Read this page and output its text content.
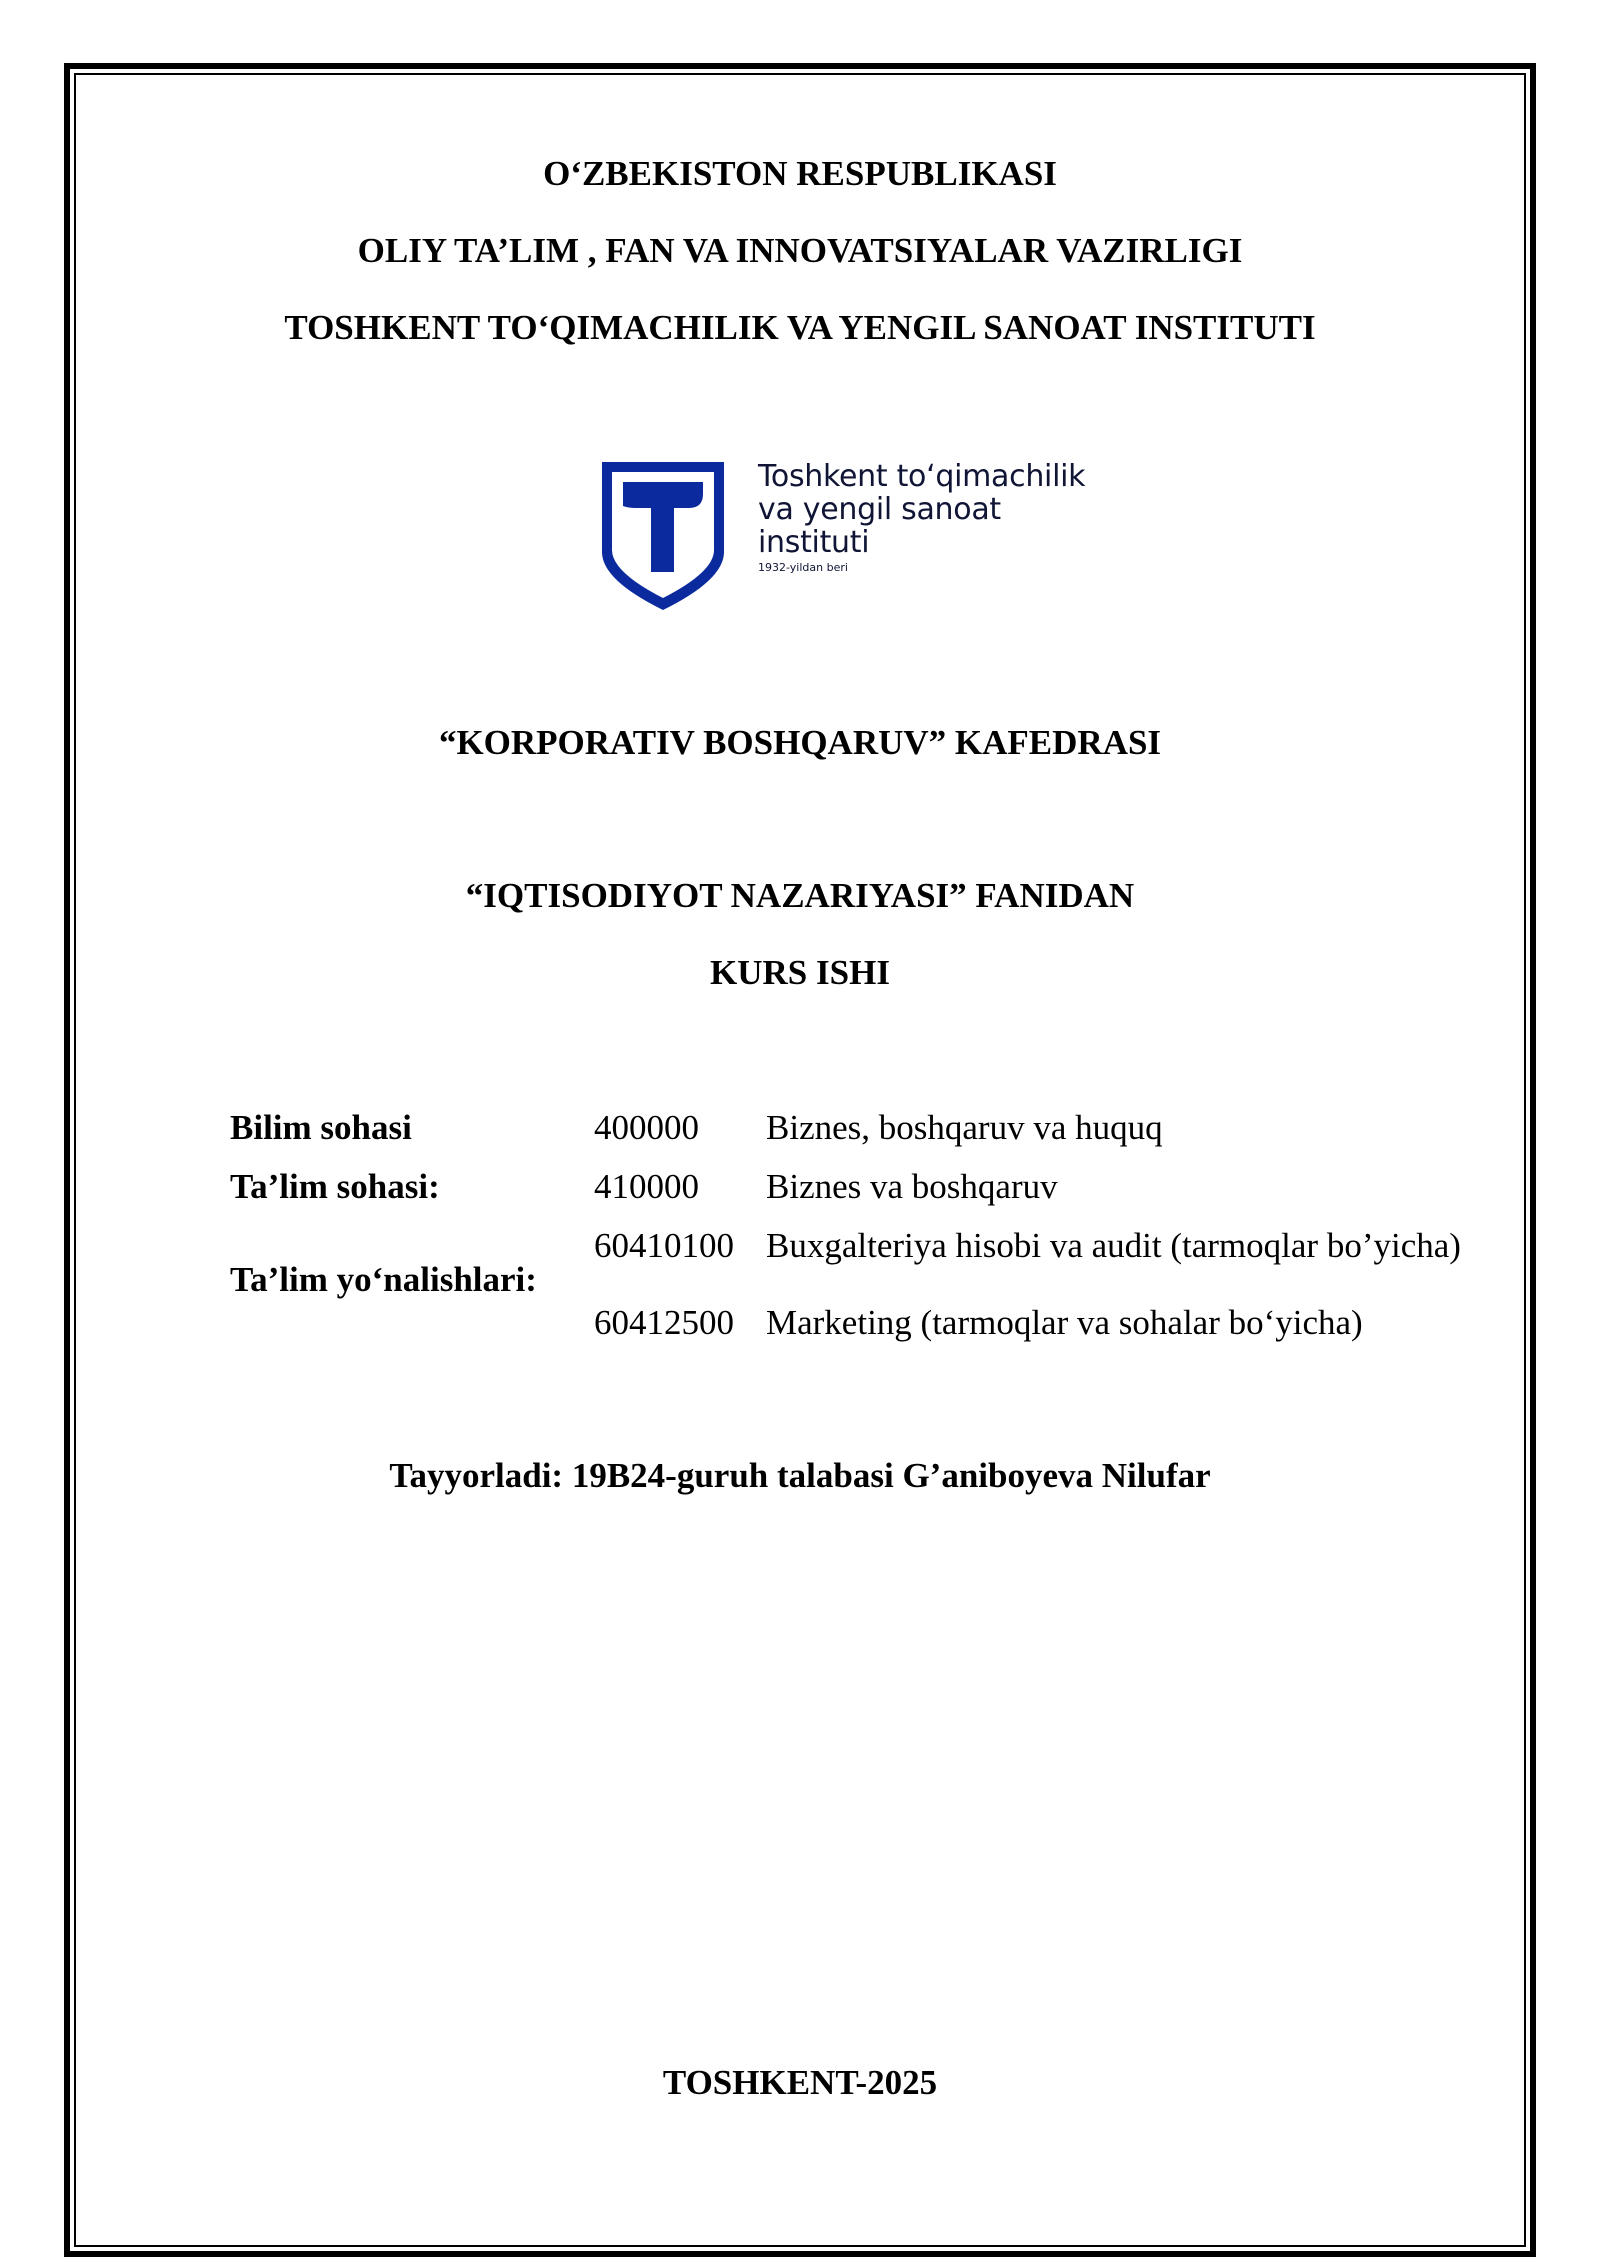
O‘ZBEKISTON RESPUBLIKASI
OLIY TA’LIM , FAN VA INNOVATSIYALAR VAZIRLIGI
TOSHKENT TO‘QIMACHILIK VA YENGIL SANOAT INSTITUTI
Toshkent to‘qimachilik
va yengil sanoat
instituti
1932-yildan beri
“KORPORATIV BOSHQARUV” KAFEDRASI
“IQTISODIYOT NAZARIYASI” FANIDAN
KURS ISHI
Bilim sohasi	400000 Biznes, boshqaruv va huquq
Ta’lim sohasi:	410000 Biznes va boshqaruv
Ta’lim yo‘nalishlari:
60410100 Buxgalteriya hisobi va audit (tarmoqlar bo’yicha)
60412500 Marketing (tarmoqlar va sohalar bo‘yicha)
Tayyorladi: 19B24-guruh talabasi G’aniboyeva Nilufar
TOSHKENT-2025
